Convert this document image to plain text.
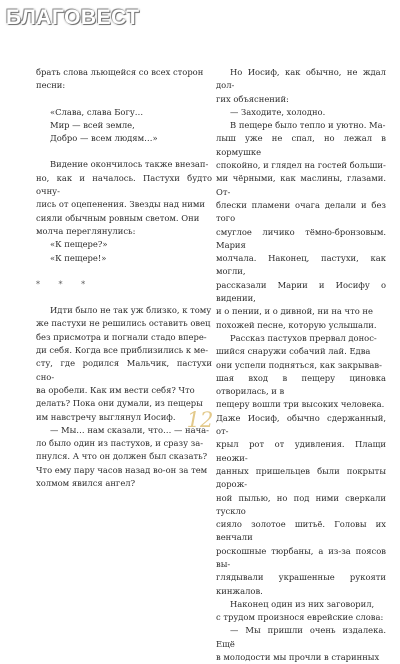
БЛАГОВЕСТ

брать слова льющейся со всех сторон

песни:

«Слава, слава Богу…

Мир — всей земле,

Добро — всем людям…»

Видение окончилось также внезап-

но, как и началось. Пастухи будто очну-

лись от оцепенения. Звезды над ними

сияли обычным ровным светом. Они

молча переглянулись:

«К пещере?»

«К пещере!»

* * *

Идти было не так уж близко, к тому

же пастухи не решились оставить овец

без присмотра и погнали стадо впере-

ди себя. Когда все приблизились к ме-

сту, где родился Мальчик, пастухи сно-

ва оробели. Как им вести себя? Что

делать? Пока они думали, из пещеры

им навстречу выглянул Иосиф.

— Мы… нам сказали, что… — нача-

ло было один из пастухов, и сразу за-

пнулся. А что он должен был сказать?

Что ему пару часов назад во-он за тем

холмом явился ангел?

Но Иосиф, как обычно, не ждал дол-

гих объяснений:

— Заходите, холодно.

В пещере было тепло и уютно. Ма-

лыш уже не спал, но лежал в кормушке

спокойно, и глядел на гостей больши-

ми чёрными, как маслины, глазами. От-

блески пламени очага делали и без того

смуглое личико тёмно-бронзовым. Мария

молчала. Наконец, пастухи, как могли,

рассказали Марии и Иосифу о видении,

и о пении, и о дивной, ни на что не

похожей песне, которую услышали.

Рассказ пастухов прервал донос-

шийся снаружи собачий лай. Едва

они успели подняться, как закрывав-

шая вход в пещеру циновка отворилась, и в

пещеру вошли три высоких человека.

Даже Иосиф, обычно сдержанный, от-

крыл рот от удивления. Плащи неожи-

данных пришельцев были покрыты дорож-

ной пылью, но под ними сверкали тускло

сияло золотое шитьё. Головы их венчали

роскошные тюрбаны, а из-за поясов вы-

глядывали украшенные рукояти кинжалов.

Наконец один из них заговорил,

с трудом произнося еврейские слова:

— Мы пришли очень издалека. Ещё

в молодости мы прочли в старинных

12
